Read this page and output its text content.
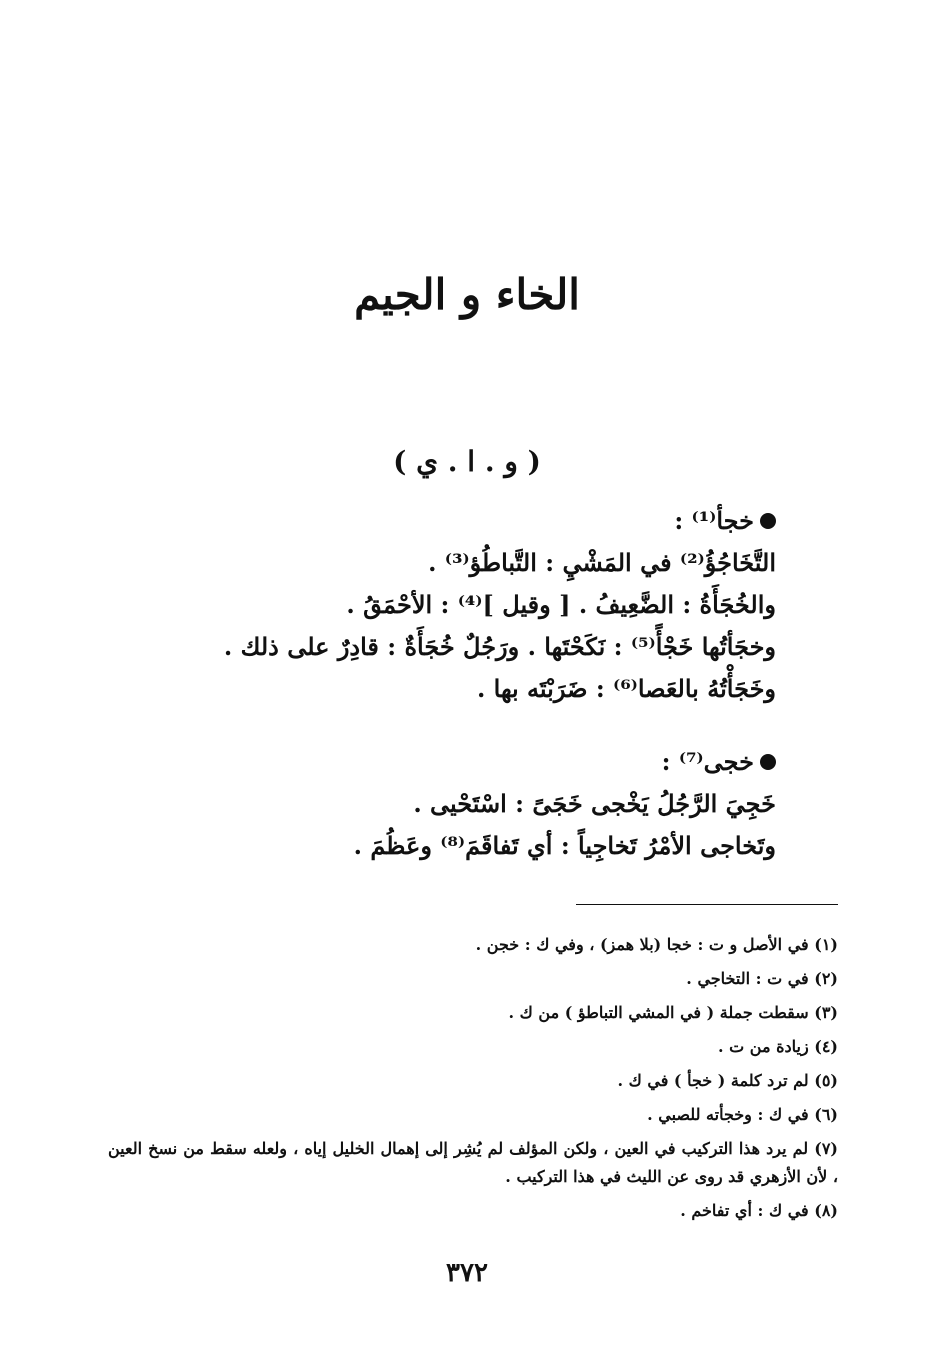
الخاء و الجيم
( و . ا . ي )
خجأ⁽¹⁾ :
التَّخَاجُؤُ⁽²⁾ في المَشْيِ : التَّباطُؤ⁽³⁾ .
والخُجَأَةُ : الضَّعِيفُ . [ وقيل ]⁽⁴⁾ : الأحْمَقُ .
وخجَأتُها خَجْأً⁽⁵⁾ : نَكَحْتَها . ورَجُلٌ خُجَأَةٌ : قادِرٌ على ذلك .
وخَجَأْتُهُ بالعَصا⁽⁶⁾ : ضَرَبْتَه بها .
خجى⁽⁷⁾ :
خَجِيَ الرَّجُلُ يَخْجى خَجَىً : اسْتَحْيى .
وتَخاجى الأمْرُ تَخاجِياً : أي تَفاقَمَ⁽⁸⁾ وعَظُمَ .
(١) في الأصل و ت : خجا (بلا همز) ، وفي ك : خجن .
(٢) في ت : التخاجي .
(٣) سقطت جملة ( في المشي التباطؤ ) من ك .
(٤) زيادة من ت .
(٥) لم ترد كلمة ( خجأ ) في ك .
(٦) في ك : وخجأته للصبي .
(٧) لم يرد هذا التركيب في العين ، ولكن المؤلف لم يُشِر إلى إهمال الخليل إياه ، ولعله سقط من نسخ العين ، لأن الأزهري قد روى عن الليث في هذا التركيب .
(٨) في ك : أي تفاخم .
٣٧٢
